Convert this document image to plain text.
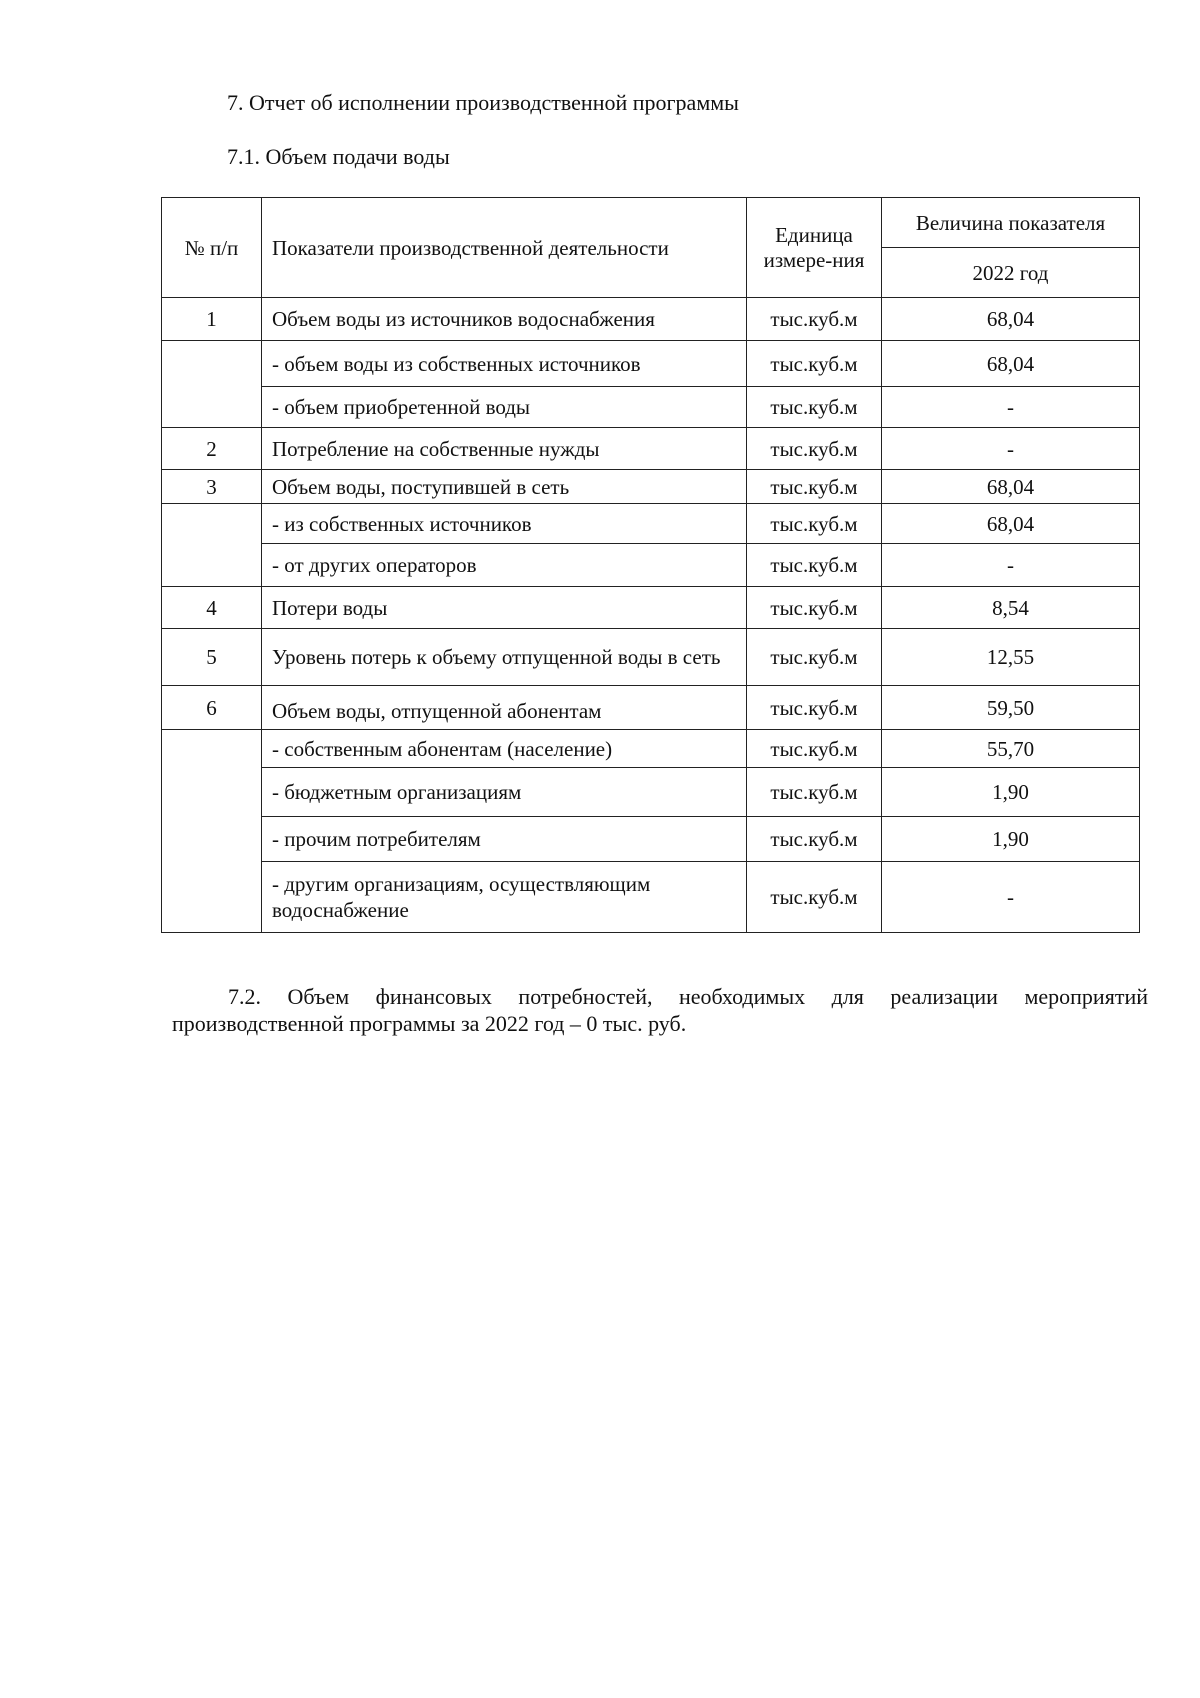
7. Отчет об исполнении производственной программы
7.1. Объем подачи воды
№ п/п	Показатели производственной деятельности	Единица измере-ния	Величина показателя
			2022 год
1	Объем воды из источников водоснабжения	тыс.куб.м	68,04
	- объем воды из собственных источников	тыс.куб.м	68,04
	- объем приобретенной воды	тыс.куб.м	-
2	Потребление на собственные нужды	тыс.куб.м	-
3	Объем воды, поступившей в сеть	тыс.куб.м	68,04
	- из собственных источников	тыс.куб.м	68,04
	- от других операторов	тыс.куб.м	-
4	Потери воды	тыс.куб.м	8,54
5	Уровень потерь к объему отпущенной воды в сеть	тыс.куб.м	12,55
6	Объем воды, отпущенной абонентам	тыс.куб.м	59,50
	- собственным абонентам (население)	тыс.куб.м	55,70
	- бюджетным организациям	тыс.куб.м	1,90
	- прочим потребителям	тыс.куб.м	1,90
	- другим организациям, осуществляющим водоснабжение	тыс.куб.м	-
7.2. Объем финансовых потребностей, необходимых для реализации мероприятий производственной программы за 2022 год – 0 тыс. руб.
